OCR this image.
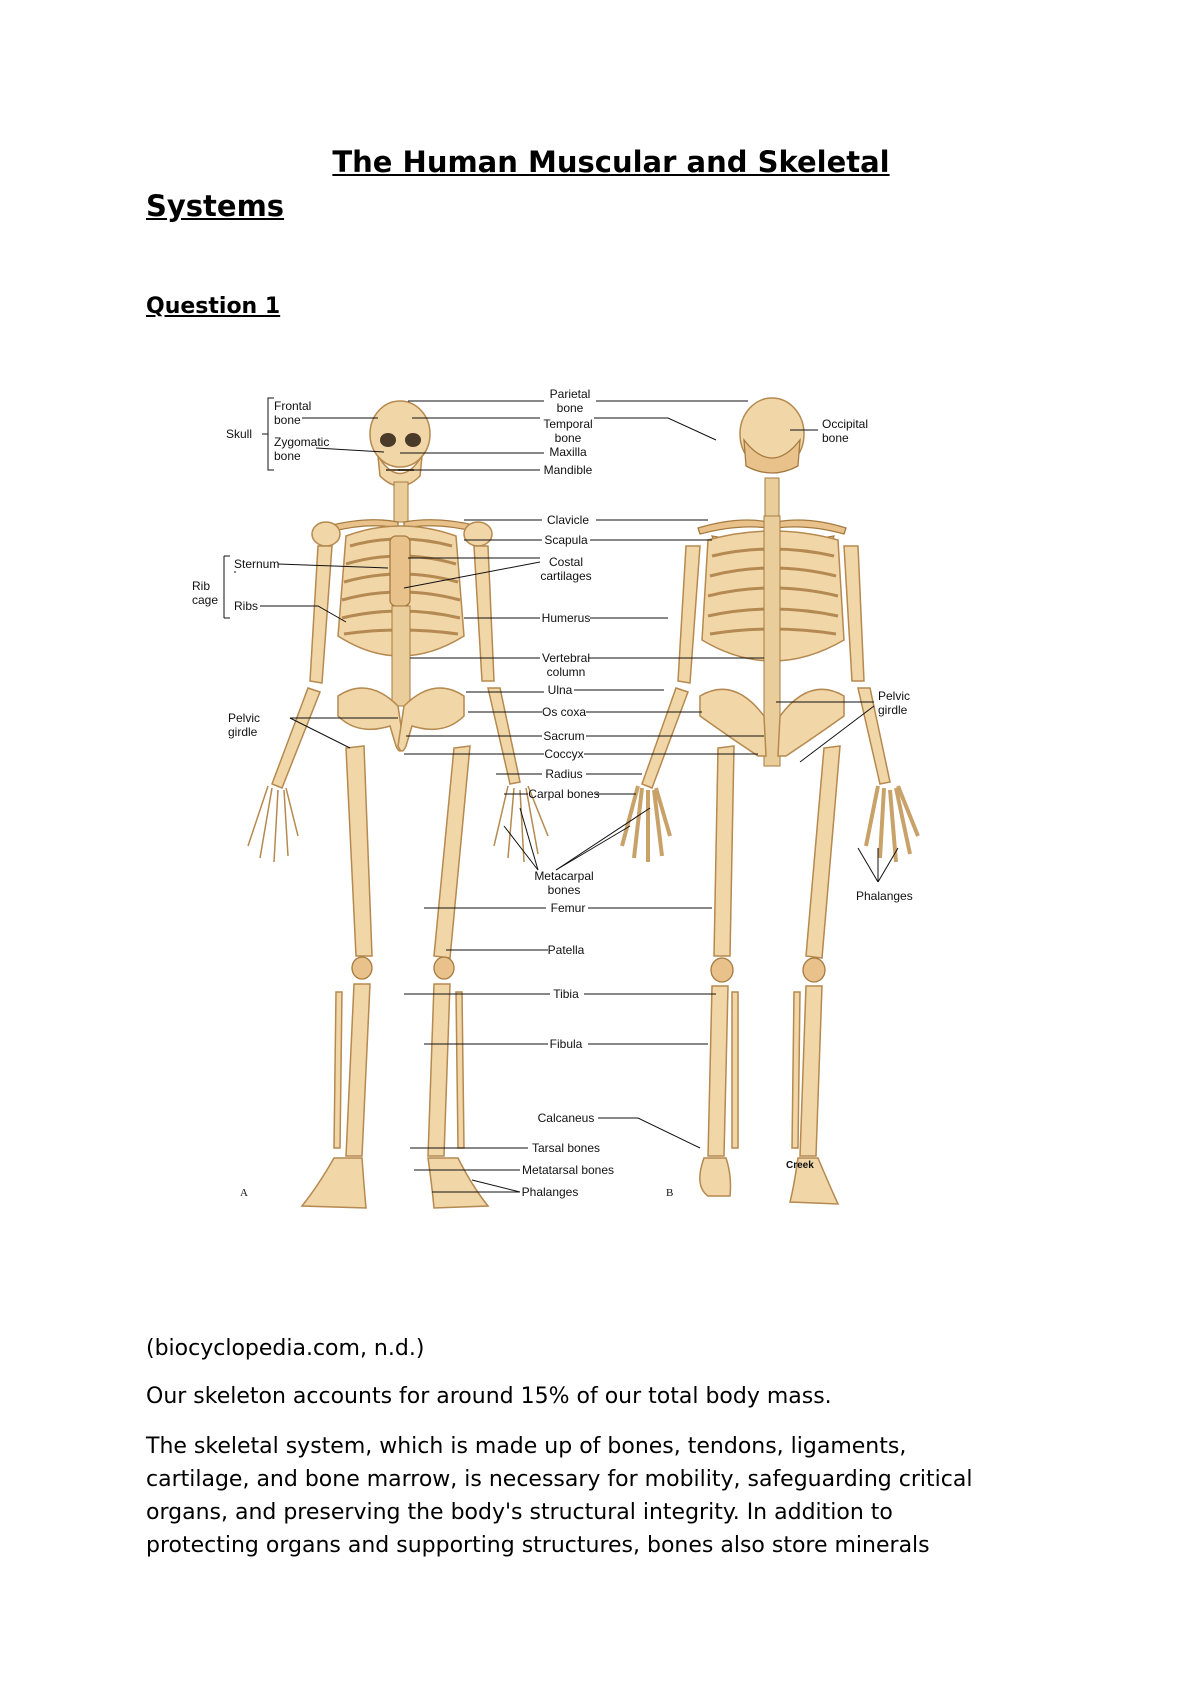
The Human Muscular and Skeletal
Systems
Question 1
Skull
Frontal
bone
Zygomatic
bone
Rib
cage
Sternum
Ribs
Pelvic
girdle
Parietal
bone
Temporal
bone
Maxilla
Mandible
Clavicle
Scapula
Costal
cartilages
Humerus
Vertebral
column
Ulna
Os coxa
Sacrum
Coccyx
Radius
Carpal bones
Metacarpal
bones
Femur
Patella
Tibia
Fibula
Calcaneus
Tarsal bones
Metatarsal bones
Phalanges
Occipital
bone
Pelvic
girdle
Phalanges
Creek
A	B

(biocyclopedia.com, n.d.)

Our skeleton accounts for around 15% of our total body mass.

The skeletal system, which is made up of bones, tendons, ligaments,
cartilage, and bone marrow, is necessary for mobility, safeguarding critical
organs, and preserving the body's structural integrity. In addition to
protecting organs and supporting structures, bones also store minerals
